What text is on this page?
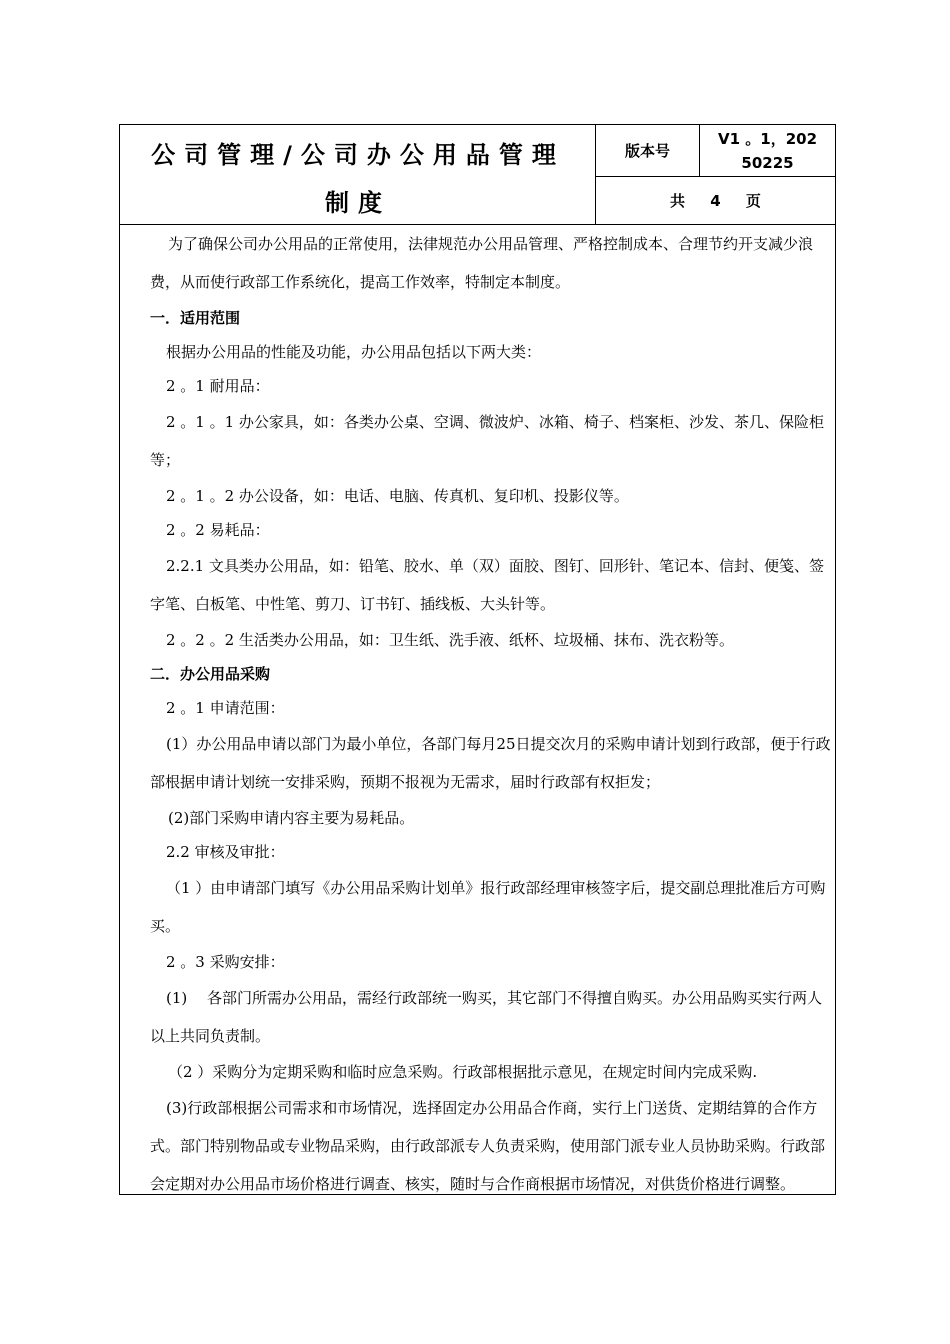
公司管理/公司办公用品管理
制度
版本号
V1 。1，202
50225
共 4 页

为了确保公司办公用品的正常使用，法律规范办公用品管理、严格控制成本、合理节约开支减少浪费，从而使行政部工作系统化，提高工作效率，特制定本制度。

一．适用范围

根据办公用品的性能及功能，办公用品包括以下两大类：

2 。1 耐用品：

2 。1 。1 办公家具，如：各类办公桌、空调、微波炉、冰箱、椅子、档案柜、沙发、茶几、保险柜等；

2 。1 。2 办公设备，如：电话、电脑、传真机、复印机、投影仪等。

2 。2 易耗品：

2.2.1 文具类办公用品，如：铅笔、胶水、单（双）面胶、图钉、回形针、笔记本、信封、便笺、签字笔、白板笔、中性笔、剪刀、订书钉、插线板、大头针等。

2 。2 。2 生活类办公用品，如：卫生纸、洗手液、纸杯、垃圾桶、抹布、洗衣粉等。

二．办公用品采购

2 。1 申请范围：

(1）办公用品申请以部门为最小单位，各部门每月25日提交次月的采购申请计划到行政部，便于行政部根据申请计划统一安排采购，预期不报视为无需求，届时行政部有权拒发；

(2)部门采购申请内容主要为易耗品。

2.2 审核及审批：

（1 ）由申请部门填写《办公用品采购计划单》报行政部经理审核签字后，提交副总理批准后方可购买。

2 。3 采购安排：

(1)　 各部门所需办公用品，需经行政部统一购买，其它部门不得擅自购买。办公用品购买实行两人以上共同负责制。

（2 ）采购分为定期采购和临时应急采购。行政部根据批示意见，在规定时间内完成采购.

(3)行政部根据公司需求和市场情况，选择固定办公用品合作商，实行上门送货、定期结算的合作方式。部门特别物品或专业物品采购，由行政部派专人负责采购，使用部门派专业人员协助采购。行政部会定期对办公用品市场价格进行调查、核实，随时与合作商根据市场情况，对供货价格进行调整。
